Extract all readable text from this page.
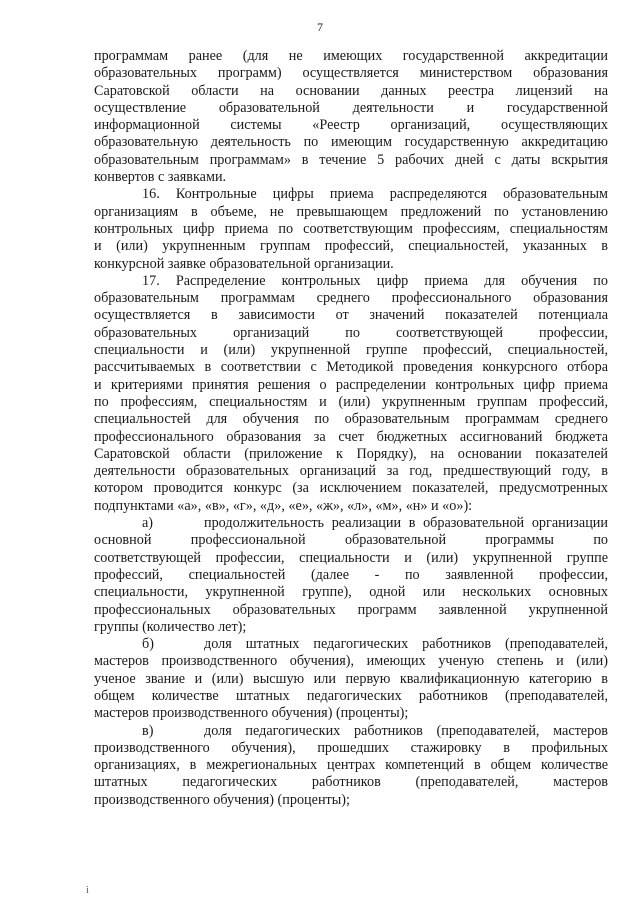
7
программам ранее (для не имеющих государственной аккредитации
образовательных программ) осуществляется министерством образования
Саратовской области на основании данных реестра лицензий на
осуществление образовательной деятельности и государственной
информационной системы «Реестр организаций, осуществляющих
образовательную деятельность по имеющим государственную аккредитацию
образовательным программам» в течение 5 рабочих дней с даты вскрытия
конвертов с заявками.
16. Контрольные цифры приема распределяются образовательным
организациям в объеме, не превышающем предложений по установлению
контрольных цифр приема по соответствующим профессиям, специальностям
и (или) укрупненным группам профессий, специальностей, указанных в
конкурсной заявке образовательной организации.
17. Распределение контрольных цифр приема для обучения по
образовательным программам среднего профессионального образования
осуществляется в зависимости от значений показателей потенциала
образовательных организаций по соответствующей профессии,
специальности и (или) укрупненной группе профессий, специальностей,
рассчитываемых в соответствии с Методикой проведения конкурсного отбора
и критериями принятия решения о распределении контрольных цифр приема
по профессиям, специальностям и (или) укрупненным группам профессий,
специальностей для обучения по образовательным программам среднего
профессионального образования за счет бюджетных ассигнований бюджета
Саратовской области (приложение к Порядку), на основании показателей
деятельности образовательных организаций за год, предшествующий году, в
котором проводится конкурс (за исключением показателей, предусмотренных
подпунктами «а», «в», «г», «д», «е», «ж», «л», «м», «н» и «о»):
а)	продолжительность реализации в образовательной организации
основной профессиональной образовательной программы по
соответствующей профессии, специальности и (или) укрупненной группе
профессий, специальностей (далее - по заявленной профессии,
специальности, укрупненной группе), одной или нескольких основных
профессиональных образовательных программ заявленной укрупненной
группы (количество лет);
б)	доля штатных педагогических работников (преподавателей,
мастеров производственного обучения), имеющих ученую степень и (или)
ученое звание и (или) высшую или первую квалификационную категорию в
общем количестве штатных педагогических работников (преподавателей,
мастеров производственного обучения) (проценты);
в)	доля педагогических работников (преподавателей, мастеров
производственного обучения), прошедших стажировку в профильных
организациях, в межрегиональных центрах компетенций в общем количестве
штатных педагогических работников (преподавателей, мастеров
производственного обучения) (проценты);
i
